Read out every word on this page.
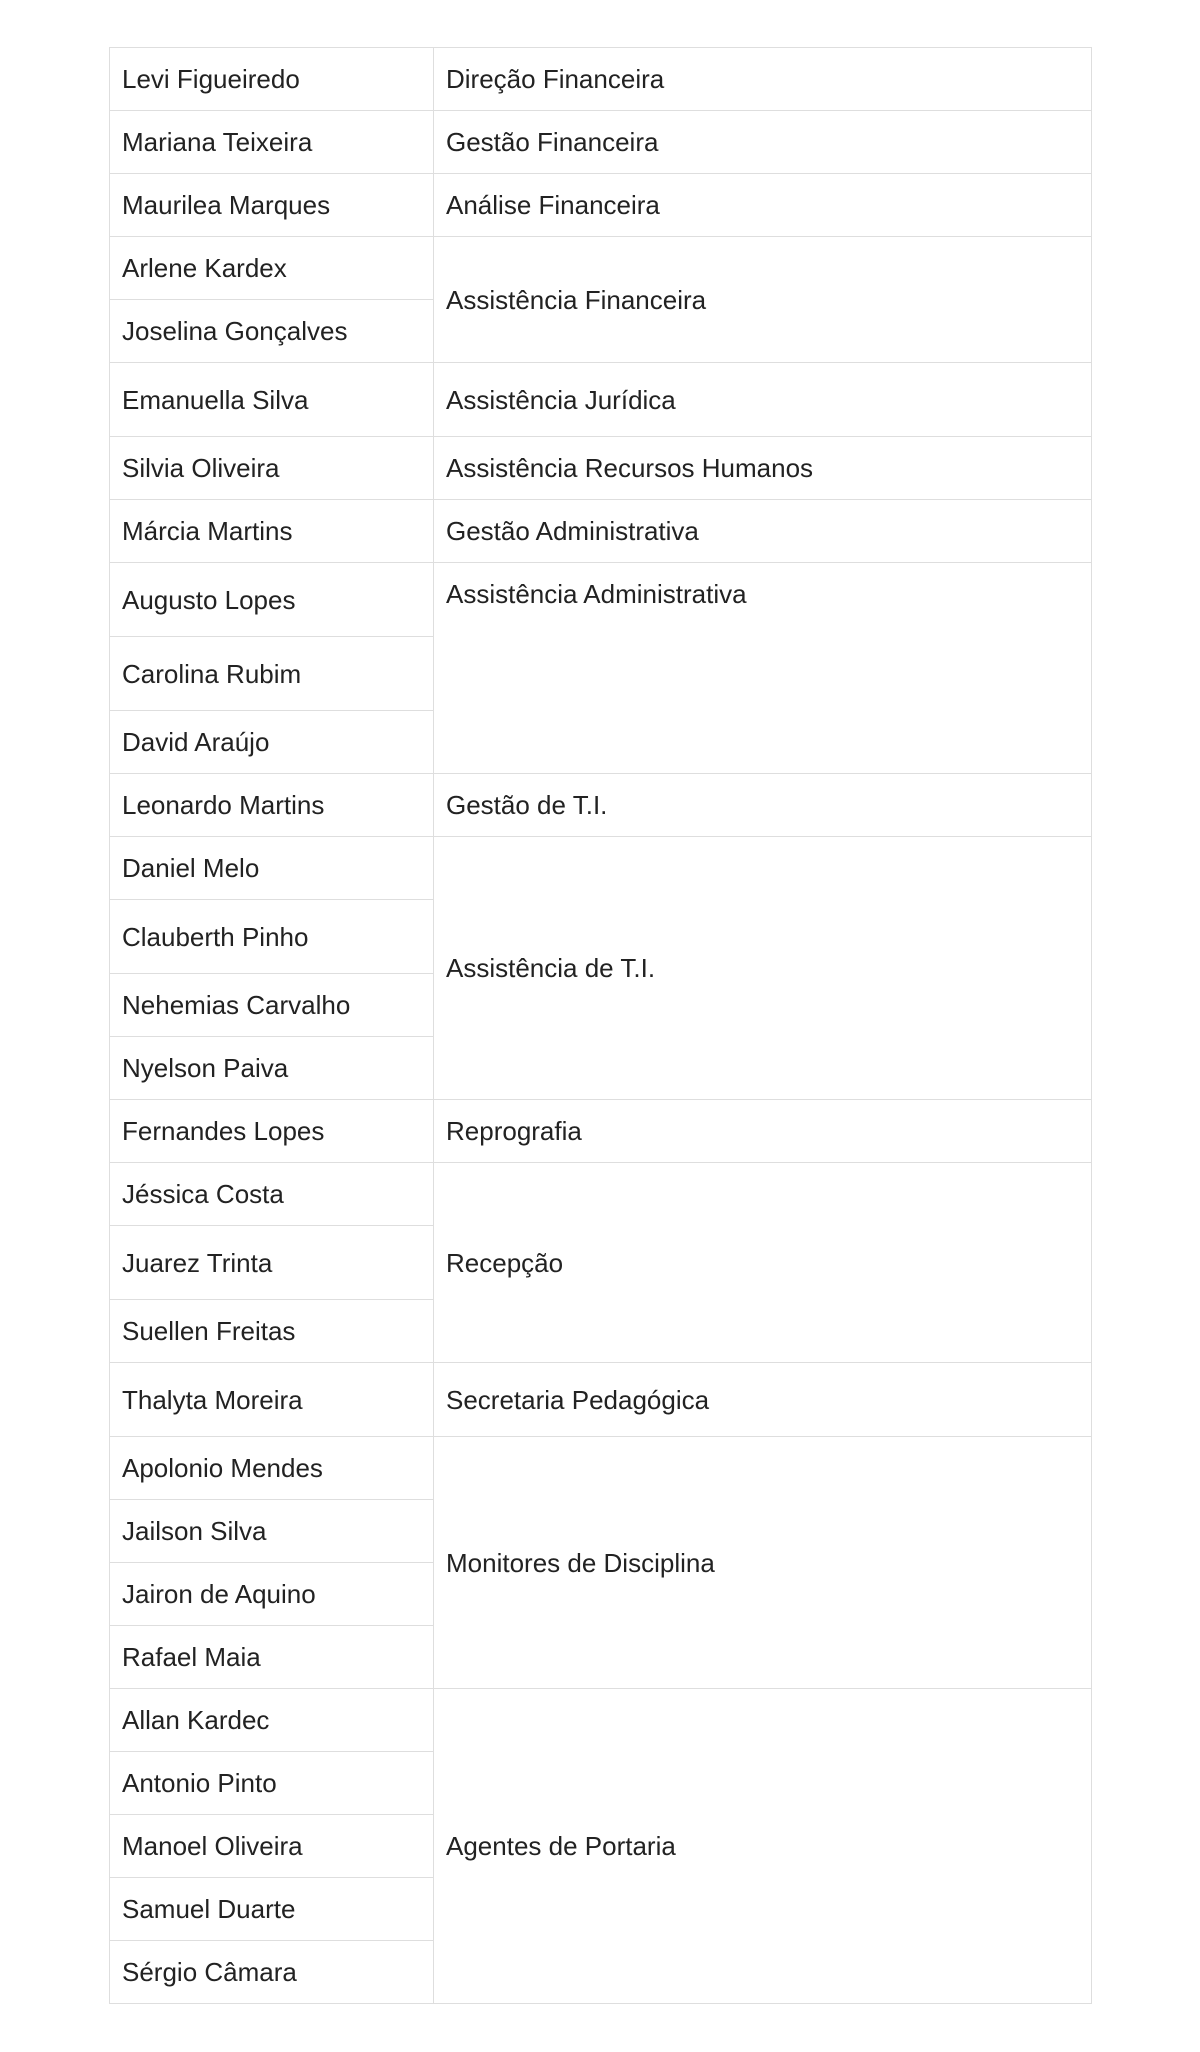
Levi Figueiredo	Direção Financeira
Mariana Teixeira	Gestão Financeira
Maurilea Marques	Análise Financeira
Arlene Kardex	Assistência Financeira
Joselina Gonçalves	
Emanuella Silva	Assistência Jurídica
Silvia Oliveira	Assistência Recursos Humanos
Márcia Martins	Gestão Administrativa
Augusto Lopes	Assistência Administrativa
Carolina Rubim	
David Araújo	
Leonardo Martins	Gestão de T.I.
Daniel Melo	Assistência de T.I.
Clauberth Pinho	
Nehemias Carvalho	
Nyelson Paiva	
Fernandes Lopes	Reprografia
Jéssica Costa	Recepção
Juarez Trinta	
Suellen Freitas	
Thalyta Moreira	Secretaria Pedagógica
Apolonio Mendes	Monitores de Disciplina
Jailson Silva	
Jairon de Aquino	
Rafael Maia	
Allan Kardec	Agentes de Portaria
Antonio Pinto	
Manoel Oliveira	
Samuel Duarte	
Sérgio Câmara	
